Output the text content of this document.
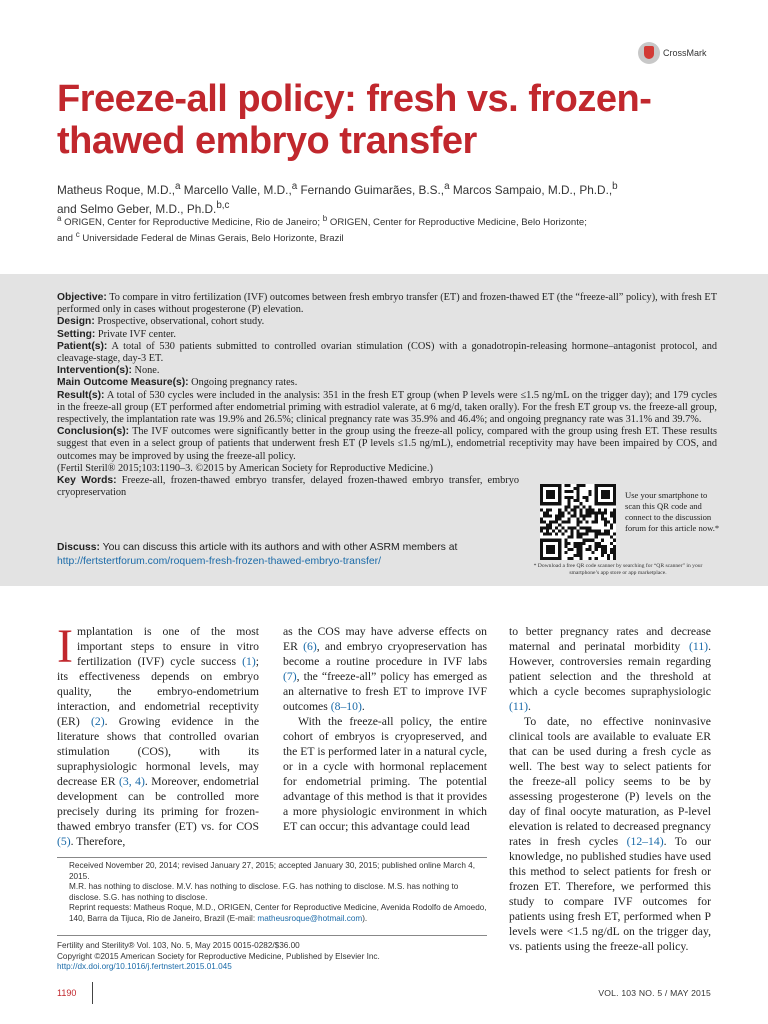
CrossMark
Freeze-all policy: fresh vs. frozen-thawed embryo transfer
Matheus Roque, M.D.,$^a$ Marcello Valle, M.D.,$^a$ Fernando Guimarães, B.S.,$^a$ Marcos Sampaio, M.D., Ph.D.,$^b$
and Selmo Geber, M.D., Ph.D.$^{b,c}$
$^a$ ORIGEN, Center for Reproductive Medicine, Rio de Janeiro; $^b$ ORIGEN, Center for Reproductive Medicine, Belo Horizonte;
and $^c$ Universidade Federal de Minas Gerais, Belo Horizonte, Brazil

Objective: To compare in vitro fertilization (IVF) outcomes between fresh embryo transfer (ET) and frozen-thawed ET (the “freeze-all” policy), with fresh ET performed only in cases without progesterone (P) elevation.

Design: Prospective, observational, cohort study.

Setting: Private IVF center.

Patient(s): A total of 530 patients submitted to controlled ovarian stimulation (COS) with a gonadotropin-releasing hormone–antagonist protocol, and cleavage-stage, day-3 ET.

Intervention(s): None.

Main Outcome Measure(s): Ongoing pregnancy rates.

Result(s): A total of 530 cycles were included in the analysis: 351 in the fresh ET group (when P levels were ≤1.5 ng/mL on the trigger day); and 179 cycles in the freeze-all group (ET performed after endometrial priming with estradiol valerate, at 6 mg/d, taken orally). For the fresh ET group vs. the freeze-all group, respectively, the implantation rate was 19.9% and 26.5%; clinical pregnancy rate was 35.9% and 46.4%; and ongoing pregnancy rate was 31.1% and 39.7%.

Conclusion(s): The IVF outcomes were significantly better in the group using the freeze-all policy, compared with the group using fresh ET. These results suggest that even in a select group of patients that underwent fresh ET (P levels ≤1.5 ng/mL), endometrial receptivity may have been impaired by COS, and outcomes may be improved by using the freeze-all policy.

(Fertil Steril® 2015;103:1190–3. ©2015 by American Society for Reproductive Medicine.)

Key Words: Freeze-all, frozen-thawed embryo transfer, delayed frozen-thawed embryo transfer, embryo cryopreservation

Discuss: You can discuss this article with its authors and with other ASRM members at http://fertstertforum.com/roquem-fresh-frozen-thawed-embryo-transfer/
Use your smartphone to scan this QR code and connect to the discussion forum for this article now.*
* Download a free QR code scanner by searching for “QR scanner” in your smartphone’s app store or app marketplace.

Implantation is one of the most important steps to ensure in vitro fertilization (IVF) cycle success (1); its effectiveness depends on embryo quality, the embryo-endometrium interaction, and endometrial receptivity (ER) (2). Growing evidence in the literature shows that controlled ovarian stimulation (COS), with its supraphysiologic hormonal levels, may decrease ER (3, 4). Moreover, endometrial development can be controlled more precisely during its priming for frozen-thawed embryo transfer (ET) vs. for COS (5). Therefore,

as the COS may have adverse effects on ER (6), and embryo cryopreservation has become a routine procedure in IVF labs (7), the “freeze-all” policy has emerged as an alternative to fresh ET to improve IVF outcomes (8–10).

With the freeze-all policy, the entire cohort of embryos is cryopreserved, and the ET is performed later in a natural cycle, or in a cycle with hormonal replacement for endometrial priming. The potential advantage of this method is that it provides a more physiologic environment in which ET can occur; this advantage could lead

to better pregnancy rates and decrease maternal and perinatal morbidity (11). However, controversies remain regarding patient selection and the threshold at which a cycle becomes supraphysiologic (11).

To date, no effective noninvasive clinical tools are available to evaluate ER that can be used during a fresh cycle as well. The best way to select patients for the freeze-all policy seems to be by assessing progesterone (P) levels on the day of final oocyte maturation, as P-level elevation is related to decreased pregnancy rates in fresh cycles (12–14). To our knowledge, no published studies have used this method to select patients for fresh or frozen ET. Therefore, we performed this study to compare IVF outcomes for patients using fresh ET, performed when P levels were <1.5 ng/dL on the trigger day, vs. patients using the freeze-all policy.

Received November 20, 2014; revised January 27, 2015; accepted January 30, 2015; published online March 4, 2015.

M.R. has nothing to disclose. M.V. has nothing to disclose. F.G. has nothing to disclose. M.S. has nothing to disclose. S.G. has nothing to disclose.

Reprint requests: Matheus Roque, M.D., ORIGEN, Center for Reproductive Medicine, Avenida Rodolfo de Amoedo, 140, Barra da Tijuca, Rio de Janeiro, Brazil (E-mail: matheusroque@hotmail.com).

Fertility and Sterility® Vol. 103, No. 5, May 2015 0015-0282/$36.00
Copyright ©2015 American Society for Reproductive Medicine, Published by Elsevier Inc.
http://dx.doi.org/10.1016/j.fertnstert.2015.01.045
1190	VOL. 103 NO. 5 / MAY 2015
